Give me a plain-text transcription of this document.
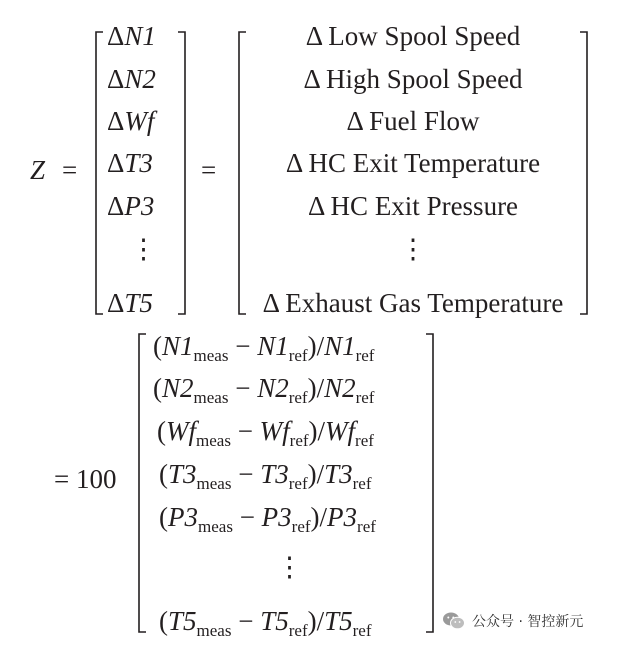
Z =
ΔN1
ΔN2
ΔWf
ΔT3
ΔP3
⋮
ΔT5
=
Δ Low Spool Speed
Δ High Spool Speed
Δ Fuel Flow
Δ HC Exit Temperature
Δ HC Exit Pressure
⋮
Δ Exhaust Gas Temperature
= 100
$(N1_{meas} - N1_{ref})/N1_{ref}$
$(N2_{meas} - N2_{ref})/N2_{ref}$
$(Wf_{meas} - Wf_{ref})/Wf_{ref}$
$(T3_{meas} - T3_{ref})/T3_{ref}$
$(P3_{meas} - P3_{ref})/P3_{ref}$
⋮
$(T5_{meas} - T5_{ref})/T5_{ref}$	公众号 · 智控新元
